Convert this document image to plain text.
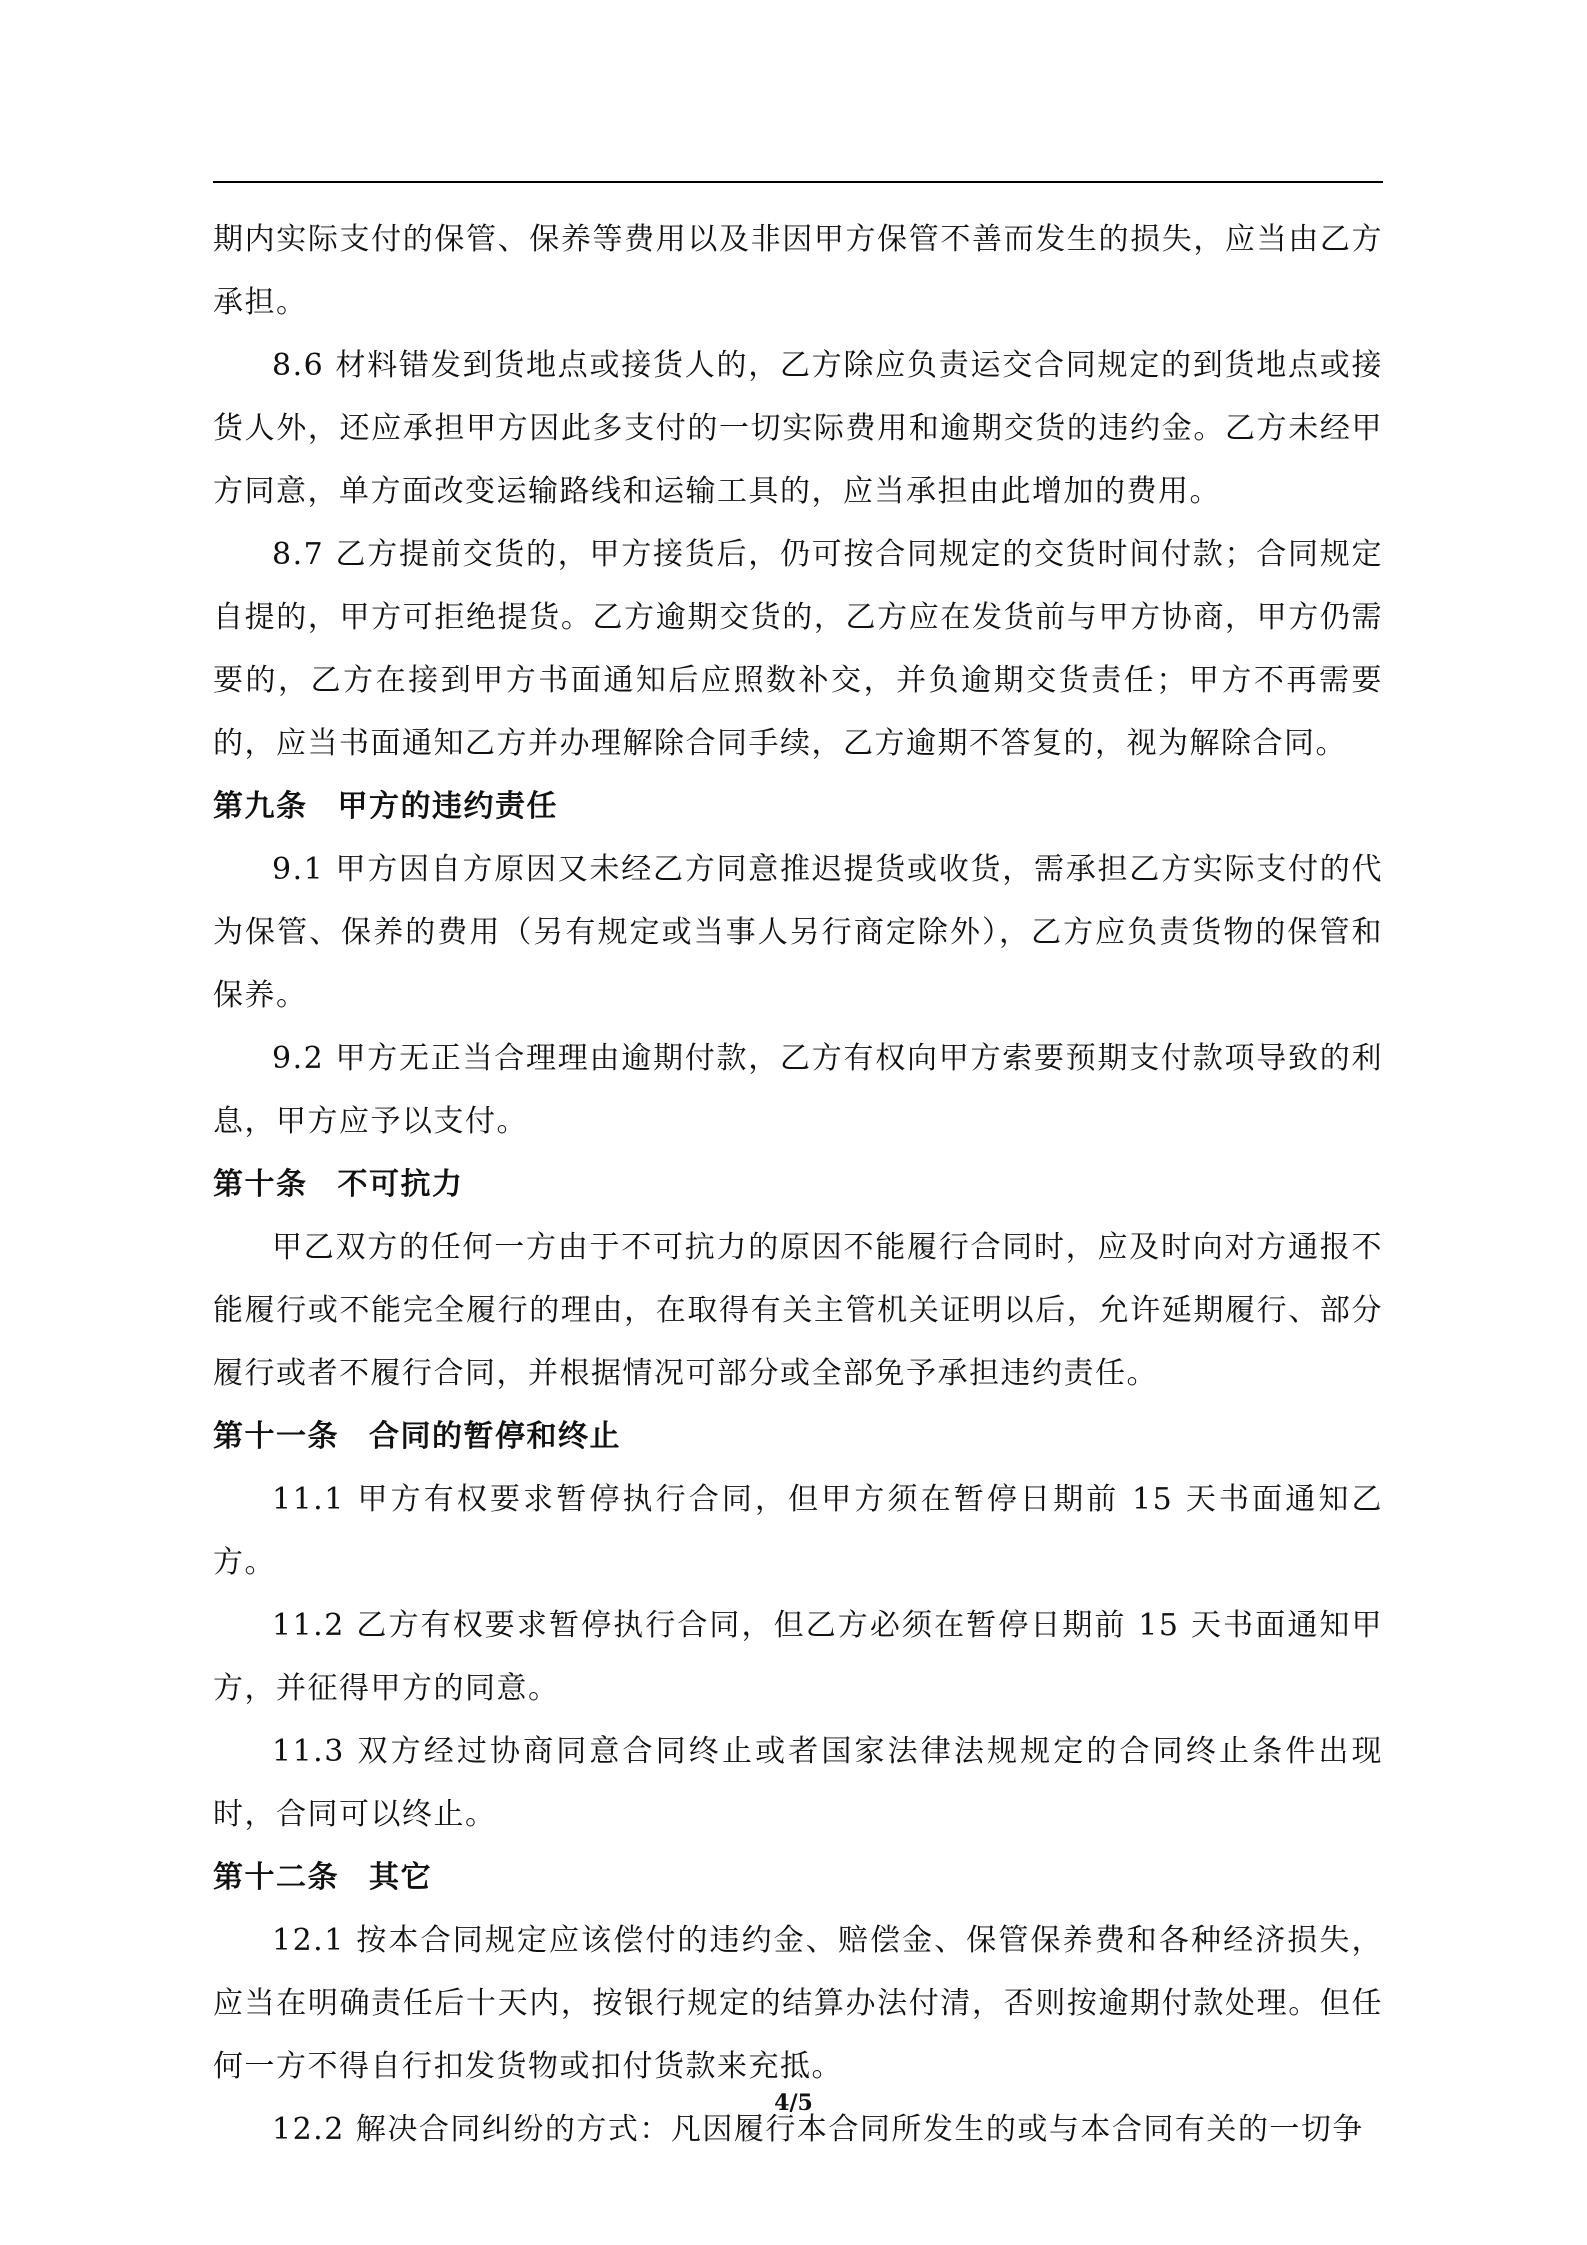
期内实际支付的保管、保养等费用以及非因甲方保管不善而发生的损失，应当由乙方承担。

8.6 材料错发到货地点或接货人的，乙方除应负责运交合同规定的到货地点或接货人外，还应承担甲方因此多支付的一切实际费用和逾期交货的违约金。乙方未经甲方同意，单方面改变运输路线和运输工具的，应当承担由此增加的费用。

8.7 乙方提前交货的，甲方接货后，仍可按合同规定的交货时间付款；合同规定自提的，甲方可拒绝提货。乙方逾期交货的，乙方应在发货前与甲方协商，甲方仍需要的，乙方在接到甲方书面通知后应照数补交，并负逾期交货责任；甲方不再需要的，应当书面通知乙方并办理解除合同手续，乙方逾期不答复的，视为解除合同。

第九条 甲方的违约责任

9.1 甲方因自方原因又未经乙方同意推迟提货或收货，需承担乙方实际支付的代为保管、保养的费用（另有规定或当事人另行商定除外），乙方应负责货物的保管和保养。

9.2 甲方无正当合理理由逾期付款，乙方有权向甲方索要预期支付款项导致的利息，甲方应予以支付。

第十条 不可抗力

甲乙双方的任何一方由于不可抗力的原因不能履行合同时，应及时向对方通报不能履行或不能完全履行的理由，在取得有关主管机关证明以后，允许延期履行、部分履行或者不履行合同，并根据情况可部分或全部免予承担违约责任。

第十一条 合同的暂停和终止

11.1 甲方有权要求暂停执行合同，但甲方须在暂停日期前 15 天书面通知乙方。

11.2 乙方有权要求暂停执行合同，但乙方必须在暂停日期前 15 天书面通知甲方，并征得甲方的同意。

11.3 双方经过协商同意合同终止或者国家法律法规规定的合同终止条件出现时，合同可以终止。

第十二条 其它

12.1 按本合同规定应该偿付的违约金、赔偿金、保管保养费和各种经济损失，应当在明确责任后十天内，按银行规定的结算办法付清，否则按逾期付款处理。但任何一方不得自行扣发货物或扣付货款来充抵。

12.2 解决合同纠纷的方式：凡因履行本合同所发生的或与本合同有关的一切争

4/5
